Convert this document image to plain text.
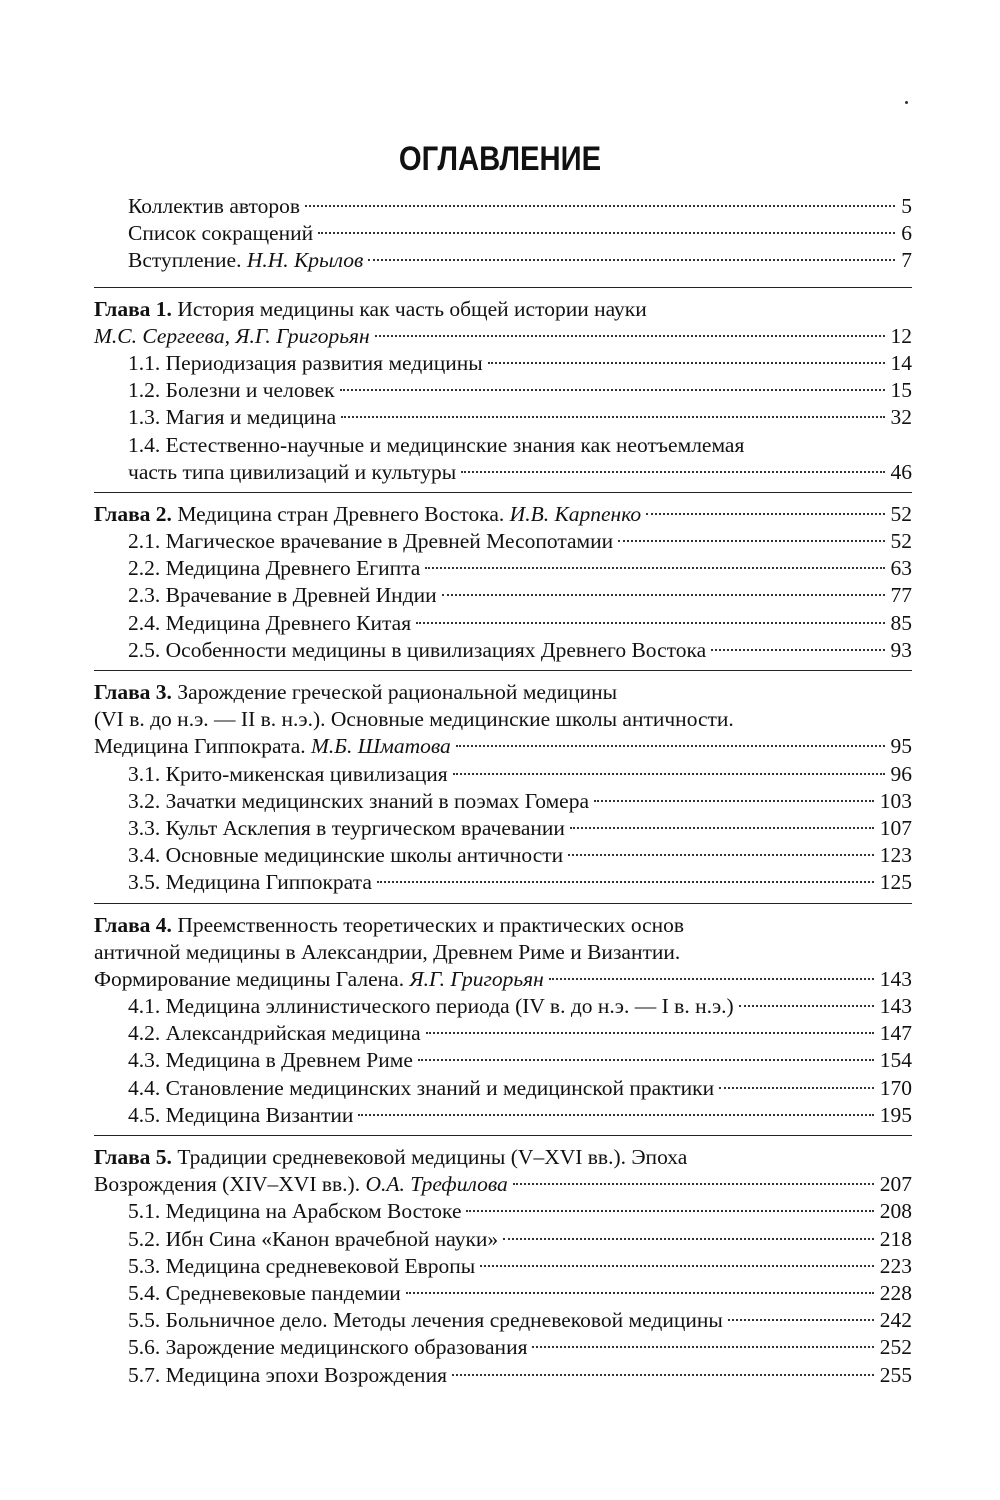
ОГЛАВЛЕНИЕ
Коллектив авторов	5
Список сокращений	6
Вступление. Н.Н. Крылов	7
Глава 1. История медицины как часть общей истории науки
М.С. Сергеева, Я.Г. Григорьян	12
1.1. Периодизация развития медицины	14
1.2. Болезни и человек	15
1.3. Магия и медицина	32
1.4. Естественно-научные и медицинские знания как неотъемлемая
часть типа цивилизаций и культуры	46
Глава 2. Медицина стран Древнего Востока. И.В. Карпенко	52
2.1. Магическое врачевание в Древней Месопотамии	52
2.2. Медицина Древнего Египта	63
2.3. Врачевание в Древней Индии	77
2.4. Медицина Древнего Китая	85
2.5. Особенности медицины в цивилизациях Древнего Востока	93
Глава 3. Зарождение греческой рациональной медицины
(VI в. до н.э. — II в. н.э.). Основные медицинские школы античности.
Медицина Гиппократа. М.Б. Шматова	95
3.1. Крито-микенская цивилизация	96
3.2. Зачатки медицинских знаний в поэмах Гомера	103
3.3. Культ Асклепия в теургическом врачевании	107
3.4. Основные медицинские школы античности	123
3.5. Медицина Гиппократа	125
Глава 4. Преемственность теоретических и практических основ
античной медицины в Александрии, Древнем Риме и Византии.
Формирование медицины Галена. Я.Г. Григорьян	143
4.1. Медицина эллинистического периода (IV в. до н.э. — I в. н.э.)	143
4.2. Александрийская медицина	147
4.3. Медицина в Древнем Риме	154
4.4. Становление медицинских знаний и медицинской практики	170
4.5. Медицина Византии	195
Глава 5. Традиции средневековой медицины (V–XVI вв.). Эпоха
Возрождения (XIV–XVI вв.). О.А. Трефилова	207
5.1. Медицина на Арабском Востоке	208
5.2. Ибн Сина «Канон врачебной науки»	218
5.3. Медицина средневековой Европы	223
5.4. Средневековые пандемии	228
5.5. Больничное дело. Методы лечения средневековой медицины	242
5.6. Зарождение медицинского образования	252
5.7. Медицина эпохи Возрождения	255
